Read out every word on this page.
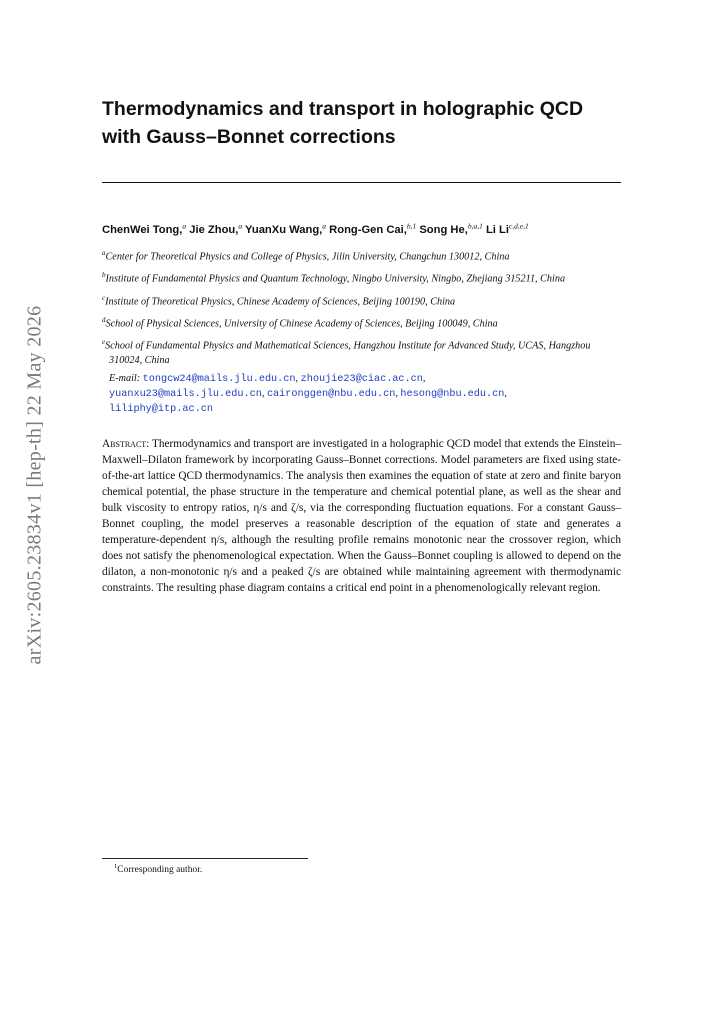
arXiv:2605.23834v1 [hep-th] 22 May 2026
Thermodynamics and transport in holographic QCD
with Gauss–Bonnet corrections
ChenWei Tong,$^a$ Jie Zhou,$^a$ YuanXu Wang,$^a$ Rong-Gen Cai,$^{b,1}$ Song He,$^{b,a,1}$ Li Li$^{c,d,e,1}$

$^a$Center for Theoretical Physics and College of Physics, Jilin University, Changchun 130012, China

$^b$Institute of Fundamental Physics and Quantum Technology, Ningbo University, Ningbo, Zhejiang 315211, China

$^c$Institute of Theoretical Physics, Chinese Academy of Sciences, Beijing 100190, China

$^d$School of Physical Sciences, University of Chinese Academy of Sciences, Beijing 100049, China

$^e$School of Fundamental Physics and Mathematical Sciences, Hangzhou Institute for Advanced Study, UCAS, Hangzhou 310024, China

E-mail: tongcw24@mails.jlu.edu.cn, zhoujie23@ciac.ac.cn,
yuanxu23@mails.jlu.edu.cn, caironggen@nbu.edu.cn, hesong@nbu.edu.cn,
liliphy@itp.ac.cn

Abstract: Thermodynamics and transport are investigated in a holographic QCD model that extends the Einstein–Maxwell–Dilaton framework by incorporating Gauss–Bonnet corrections. Model parameters are fixed using state-of-the-art lattice QCD thermodynamics. The analysis then examines the equation of state at zero and finite baryon chemical potential, the phase structure in the temperature and chemical potential plane, as well as the shear and bulk viscosity to entropy ratios, η/s and ζ/s, via the corresponding fluctuation equations. For a constant Gauss–Bonnet coupling, the model preserves a reasonable description of the equation of state and generates a temperature-dependent η/s, although the resulting profile remains monotonic near the crossover region, which does not satisfy the phenomenological expectation. When the Gauss–Bonnet coupling is allowed to depend on the dilaton, a non-monotonic η/s and a peaked ζ/s are obtained while maintaining agreement with thermodynamic constraints. The resulting phase diagram contains a critical end point in a phenomenologically relevant region.

$^1$Corresponding author.
